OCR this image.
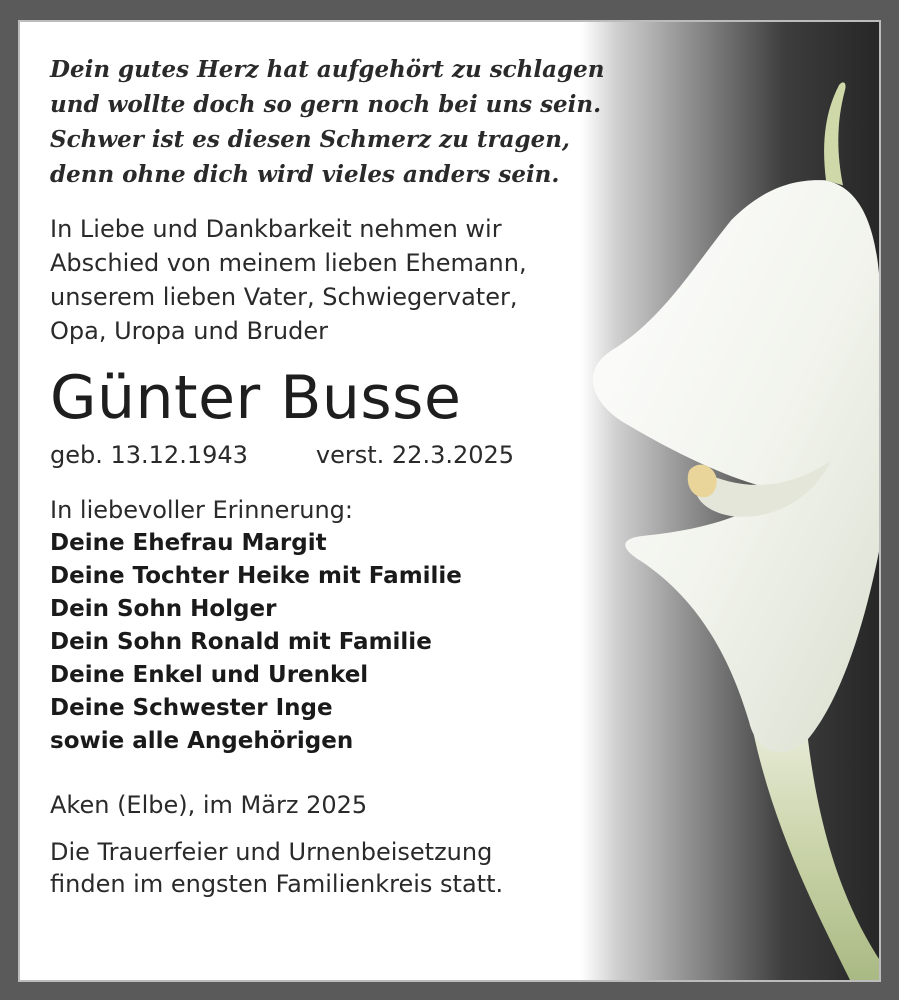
Dein gutes Herz hat aufgehört zu schlagen
und wollte doch so gern noch bei uns sein.
Schwer ist es diesen Schmerz zu tragen,
denn ohne dich wird vieles anders sein.
In Liebe und Dankbarkeit nehmen wir
Abschied von meinem lieben Ehemann,
unserem lieben Vater, Schwiegervater,
Opa, Uropa und Bruder
Günter Busse
geb. 13.12.1943	verst. 22.3.2025
In liebevoller Erinnerung:
Deine Ehefrau Margit
Deine Tochter Heike mit Familie
Dein Sohn Holger
Dein Sohn Ronald mit Familie
Deine Enkel und Urenkel
Deine Schwester Inge
sowie alle Angehörigen
Aken (Elbe), im März 2025
Die Trauerfeier und Urnenbeisetzung
finden im engsten Familienkreis statt.
